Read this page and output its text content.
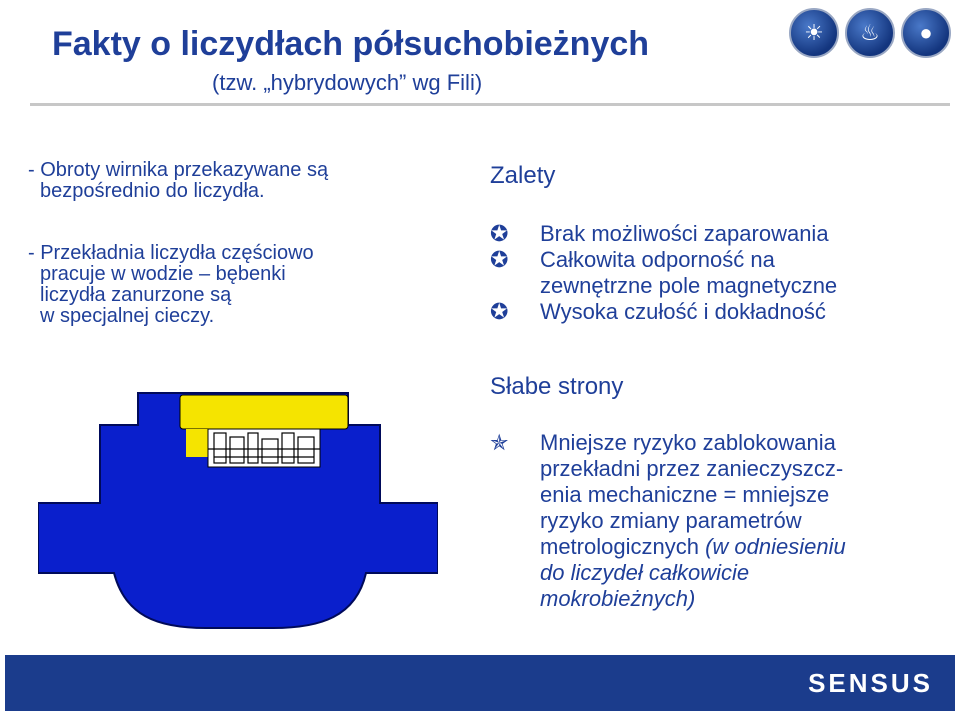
Fakty o liczydłach półsuchobieżnych
(tzw. „hybrydowych” wg Fili)
☀	♨	●
- Obroty wirnika przekazywane są
bezpośrednio do liczydła.
- Przekładnia liczydła częściowo
pracuje w wodzie – bębenki
liczydła zanurzone są
w specjalnej cieczy.
Zalety
✪	Brak możliwości zaparowania
✪	Całkowita odporność na
zewnętrzne pole magnetyczne
✪	Wysoka czułość i dokładność
Słabe strony
✯	Mniejsze ryzyko zablokowania
przekładni przez zanieczyszcz-
enia mechaniczne = mniejsze
ryzyko zmiany parametrów
metrologicznych (w odniesieniu
do liczydeł całkowicie
mokrobieżnych)
SENSUS
